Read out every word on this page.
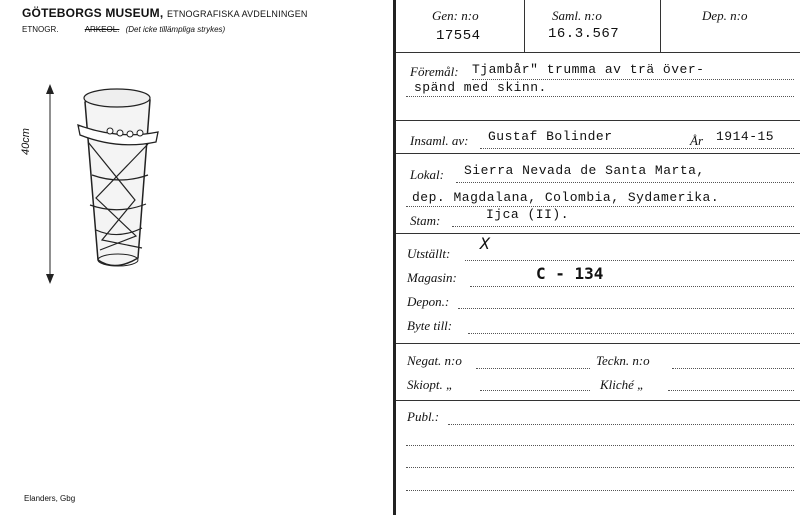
GÖTEBORGS MUSEUM, ETNOGRAFISKA AVDELNINGEN
ETNOGR.	ARKEOL. (Det icke tillämpliga strykes)
40cm
Elanders, Gbg
Gen: n:o
17554
Saml. n:o
16.3.567
Dep. n:o
Föremål: Tjambår" trumma av trä över-
spänd med skinn.
Insaml. av: Gustaf Bolinder	År 1914-15
Lokal: Sierra Nevada de Santa Marta,
dep. Magdalana, Colombia, Sydamerika.
Stam:	Ijca (II).
Utställt:
X
Magasin:	C - 134
Depon.:
Byte till:
Negat. n:o	Teckn. n:o
Skiopt. „	Kliché „
Publ.:
